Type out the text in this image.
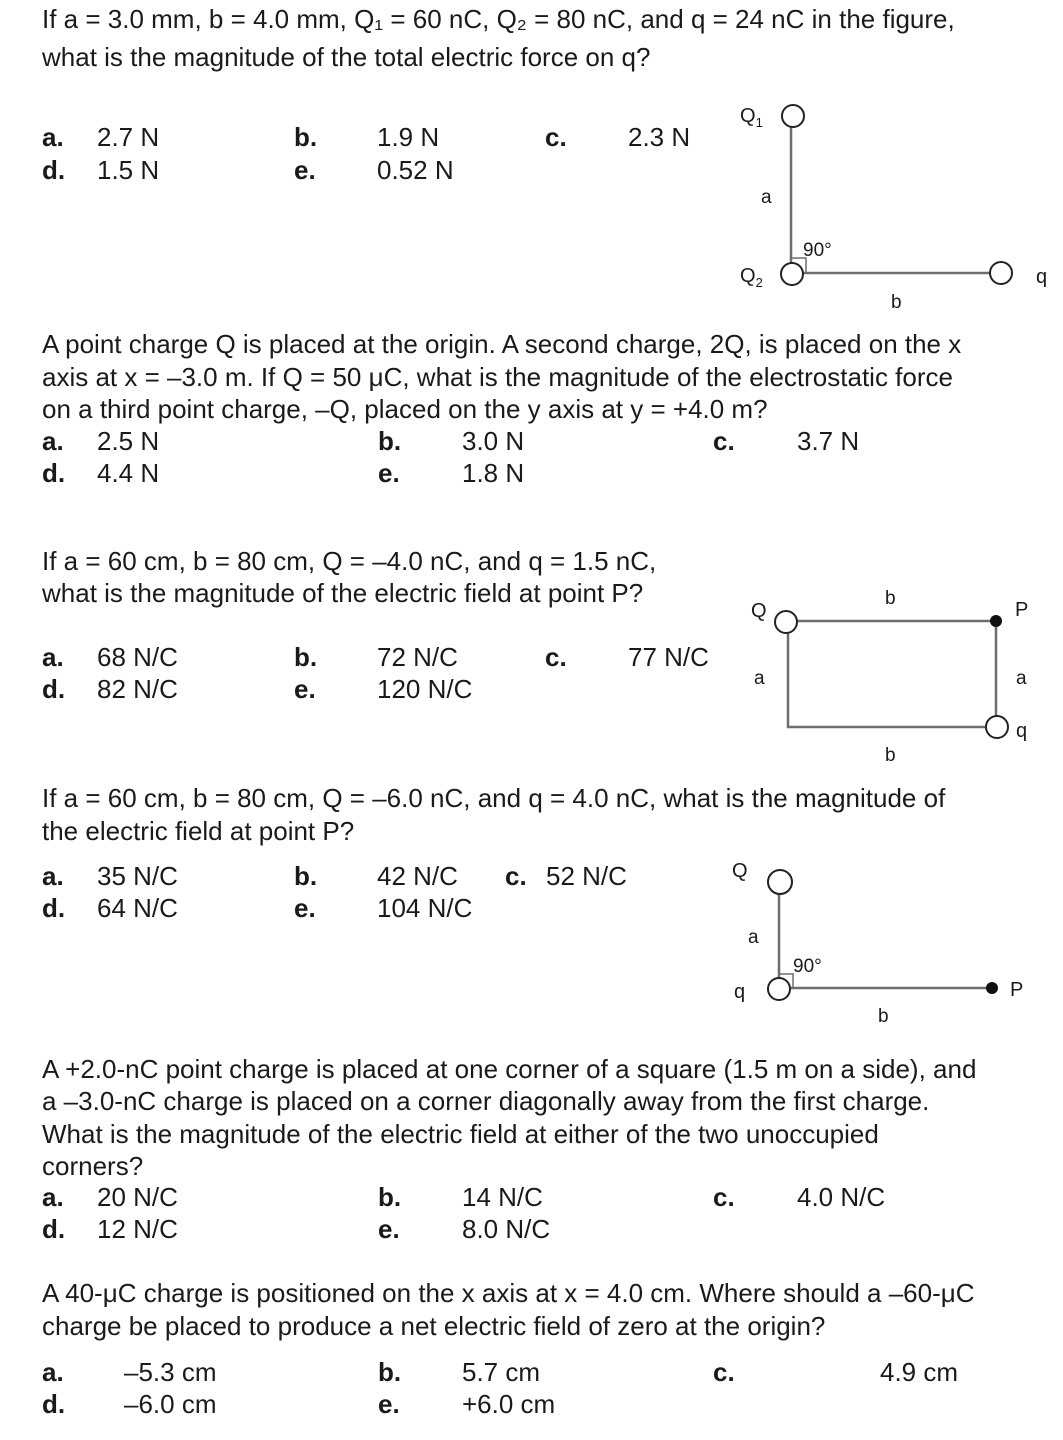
If a = 3.0 mm, b = 4.0 mm, Q₁ = 60 nC, Q₂ = 80 nC, and q = 24 nC in the figure,
what is the magnitude of the total electric force on q?
a. 2.7 N	b. 1.9 N	c. 2.3 N
d. 1.5 N	e. 0.52 N
$Q_1$
$Q_2$	q
a
b
90°
A point charge Q is placed at the origin. A second charge, 2Q, is placed on the x
axis at x = –3.0 m. If Q = 50 μC, what is the magnitude of the electrostatic force
on a third point charge, –Q, placed on the y axis at y = +4.0 m?
a. 2.5 N	b. 3.0 N	c. 3.7 N
d. 4.4 N	e. 1.8 N
If a = 60 cm, b = 80 cm, Q = –4.0 nC, and q = 1.5 nC,
what is the magnitude of the electric field at point P?
a. 68 N/C	b. 72 N/C	c. 77 N/C
d. 82 N/C	e. 120 N/C
Q	P
q
b
b
a	a
If a = 60 cm, b = 80 cm, Q = –6.0 nC, and q = 4.0 nC, what is the magnitude of
the electric field at point P?
a. 35 N/C	b. 42 N/C c. 52 N/C
d. 64 N/C	e. 104 N/C
Q
q	P
a
b
90°
A +2.0-nC point charge is placed at one corner of a square (1.5 m on a side), and
a –3.0-nC charge is placed on a corner diagonally away from the first charge.
What is the magnitude of the electric field at either of the two unoccupied
corners?
a. 20 N/C	b. 14 N/C	c. 4.0 N/C
d. 12 N/C	e. 8.0 N/C
A 40-μC charge is positioned on the x axis at x = 4.0 cm. Where should a –60-μC
charge be placed to produce a net electric field of zero at the origin?
a. –5.3 cm	b. 5.7 cm	c.	4.9 cm
d. –6.0 cm	e. +6.0 cm
